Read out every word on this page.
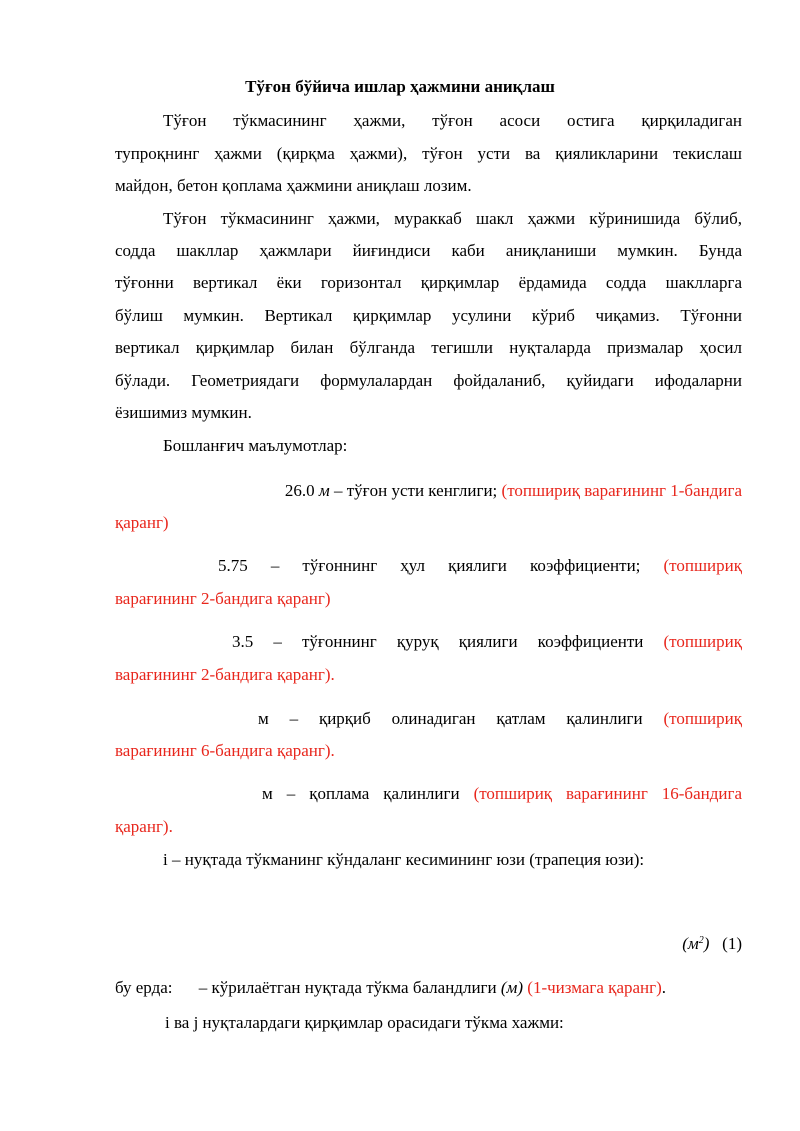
Тўғон бўйича ишлар ҳажмини аниқлаш
Тўғон тўкмасининг ҳажми, тўғон асоси остига қирқиладиган
тупроқнинг ҳажми (қирқма ҳажми), тўғон усти ва қияликларини текислаш
майдон, бетон қоплама ҳажмини аниқлаш лозим.
Тўғон тўкмасининг ҳажми, мураккаб шакл ҳажми кўринишида бўлиб,
содда шакллар ҳажмлари йиғиндиси каби аниқланиши мумкин. Бунда
тўғонни вертикал ёки горизонтал қирқимлар ёрдамида содда шаклларга
бўлиш мумкин. Вертикал қирқимлар усулини кўриб чиқамиз. Тўғонни
вертикал қирқимлар билан бўлганда тегишли нуқталарда призмалар ҳосил
бўлади. Геометриядаги формулалардан фойдаланиб, қуйидаги ифодаларни
ёзишимиз мумкин.
Бошланғич маълумотлар:
26.0 м – тўғон усти кенглиги; (топшириқ варағининг 1-бандига
қаранг)
5.75 – тўғоннинг ҳул қиялиги коэффициенти; (топшириқ
варағининг 2-бандига қаранг)
3.5 – тўғоннинг қуруқ қиялиги коэффициенти (топшириқ
варағининг 2-бандига қаранг).
м – қирқиб олинадиган қатлам қалинлиги (топшириқ
варағининг 6-бандига қаранг).
м – қоплама қалинлиги (топшириқ варағининг 16-бандига
қаранг).
i – нуқтада тўкманинг кўндаланг кесимининг юзи (трапеция юзи):
$(м^2)$ (1)
бу ерда: – кўрилаётган нуқтада тўкма баландлиги (м) (1-чизмага қаранг).
i ва j нуқталардаги қирқимлар орасидаги тўкма хажми:
